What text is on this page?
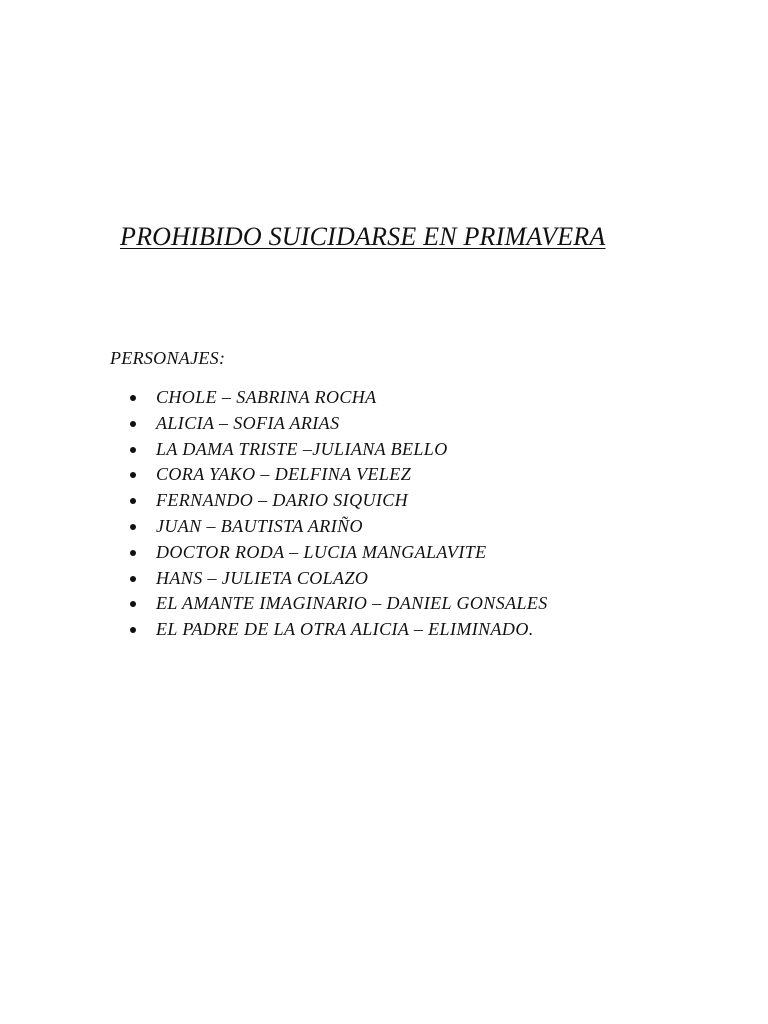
PROHIBIDO SUICIDARSE EN PRIMAVERA

PERSONAJES:

CHOLE – SABRINA ROCHA
ALICIA – SOFIA ARIAS
LA DAMA TRISTE –JULIANA BELLO
CORA YAKO – DELFINA VELEZ
FERNANDO – DARIO SIQUICH
JUAN – BAUTISTA ARIÑO
DOCTOR RODA – LUCIA MANGALAVITE
HANS – JULIETA COLAZO
EL AMANTE IMAGINARIO – DANIEL GONSALES
EL PADRE DE LA OTRA ALICIA – ELIMINADO.
